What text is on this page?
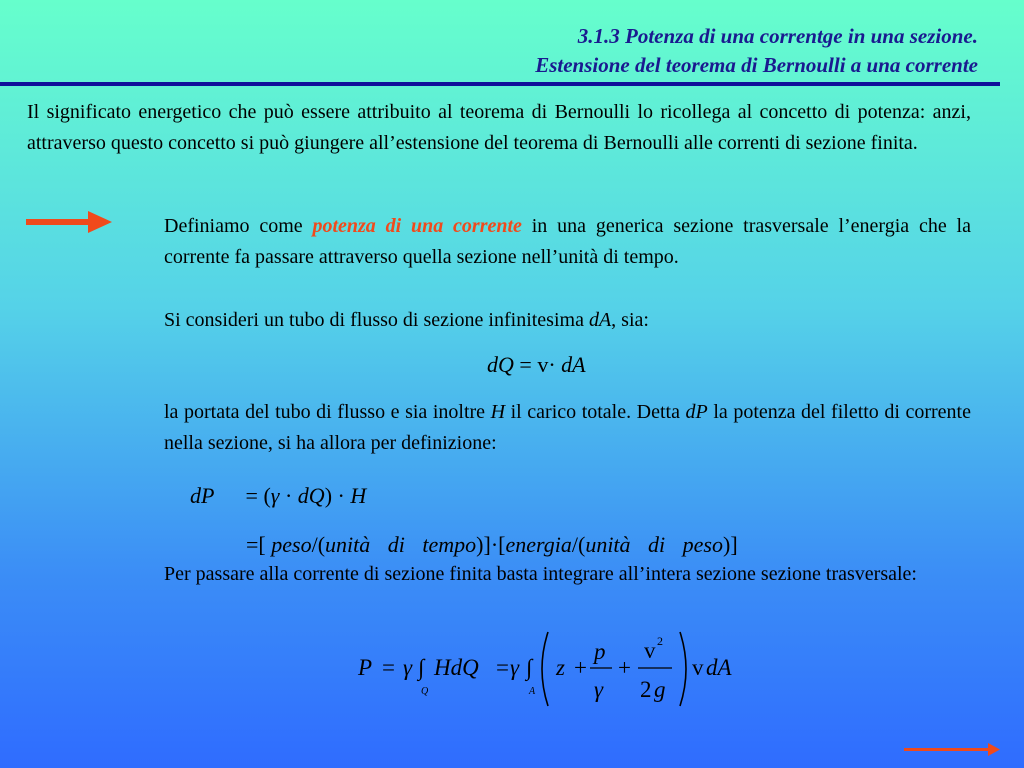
3.1.3 Potenza di una correntge in una sezione.
Estensione del teorema di Bernoulli a una corrente

Il significato energetico che può essere attribuito al teorema di Bernoulli lo ricollega al concetto di potenza: anzi, attraverso questo concetto si può giungere all’estensione del teorema di Bernoulli alle correnti di sezione finita.

Definiamo come potenza di una corrente in una generica sezione trasversale l’energia che la corrente fa passare attraverso quella sezione nell’unità di tempo.

Si consideri un tubo di flusso di sezione infinitesima dA, sia:

dQ = v· dA

la portata del tubo di flusso e sia inoltre H il carico totale. Detta dP la potenza del filetto di corrente nella sezione, si ha allora per definizione:

dP = (γ · dQ) · H
=[ peso/(unità di tempo)]·[energia/(unità di peso)]

Per passare alla corrente di sezione finita basta integrare all’intera sezione sezione trasversale:

P = γ ∫
Q
HdQ = γ ∫
A
z +
p
γ
+
v 2
2 g
v dA
